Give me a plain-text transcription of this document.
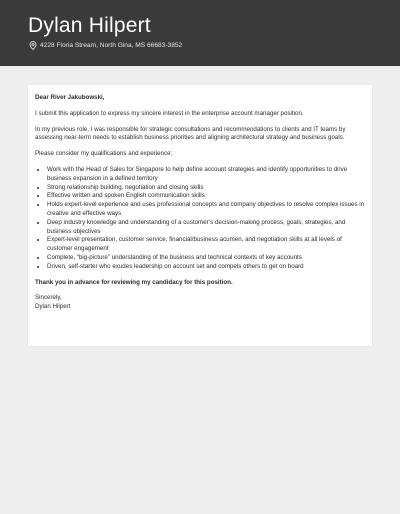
Dylan Hilpert
4228 Floria Stream, North Gina, MS 66683-3852

Dear River Jakubowski,

I submit this application to express my sincere interest in the enterprise account manager position.

In my previous role, I was responsible for strategic consultations and recommendations to clients and IT teams by assessing near-term needs to establish business priorities and aligning architectural strategy and business goals.

Please consider my qualifications and experience:

• Work with the Head of Sales for Singapore to help define account strategies and identify opportunities to drive business expansion in a defined territory
• Strong relationship building, negotiation and closing skills
• Effective written and spoken English communication skills
• Holds expert-level experience and uses professional concepts and company objectives to resolve complex issues in creative and effective ways
• Deep industry knowledge and understanding of a customer’s decision-making process, goals, strategies, and business objectives
• Expert-level presentation, customer service, financial/business acumen, and negotiation skills at all levels of customer engagement
• Complete, “big-picture” understanding of the business and technical contexts of key accounts
• Driven, self-starter who exudes leadership on account set and compels others to get on board

Thank you in advance for reviewing my candidacy for this position.

Sincerely,

Dylan Hilpert
